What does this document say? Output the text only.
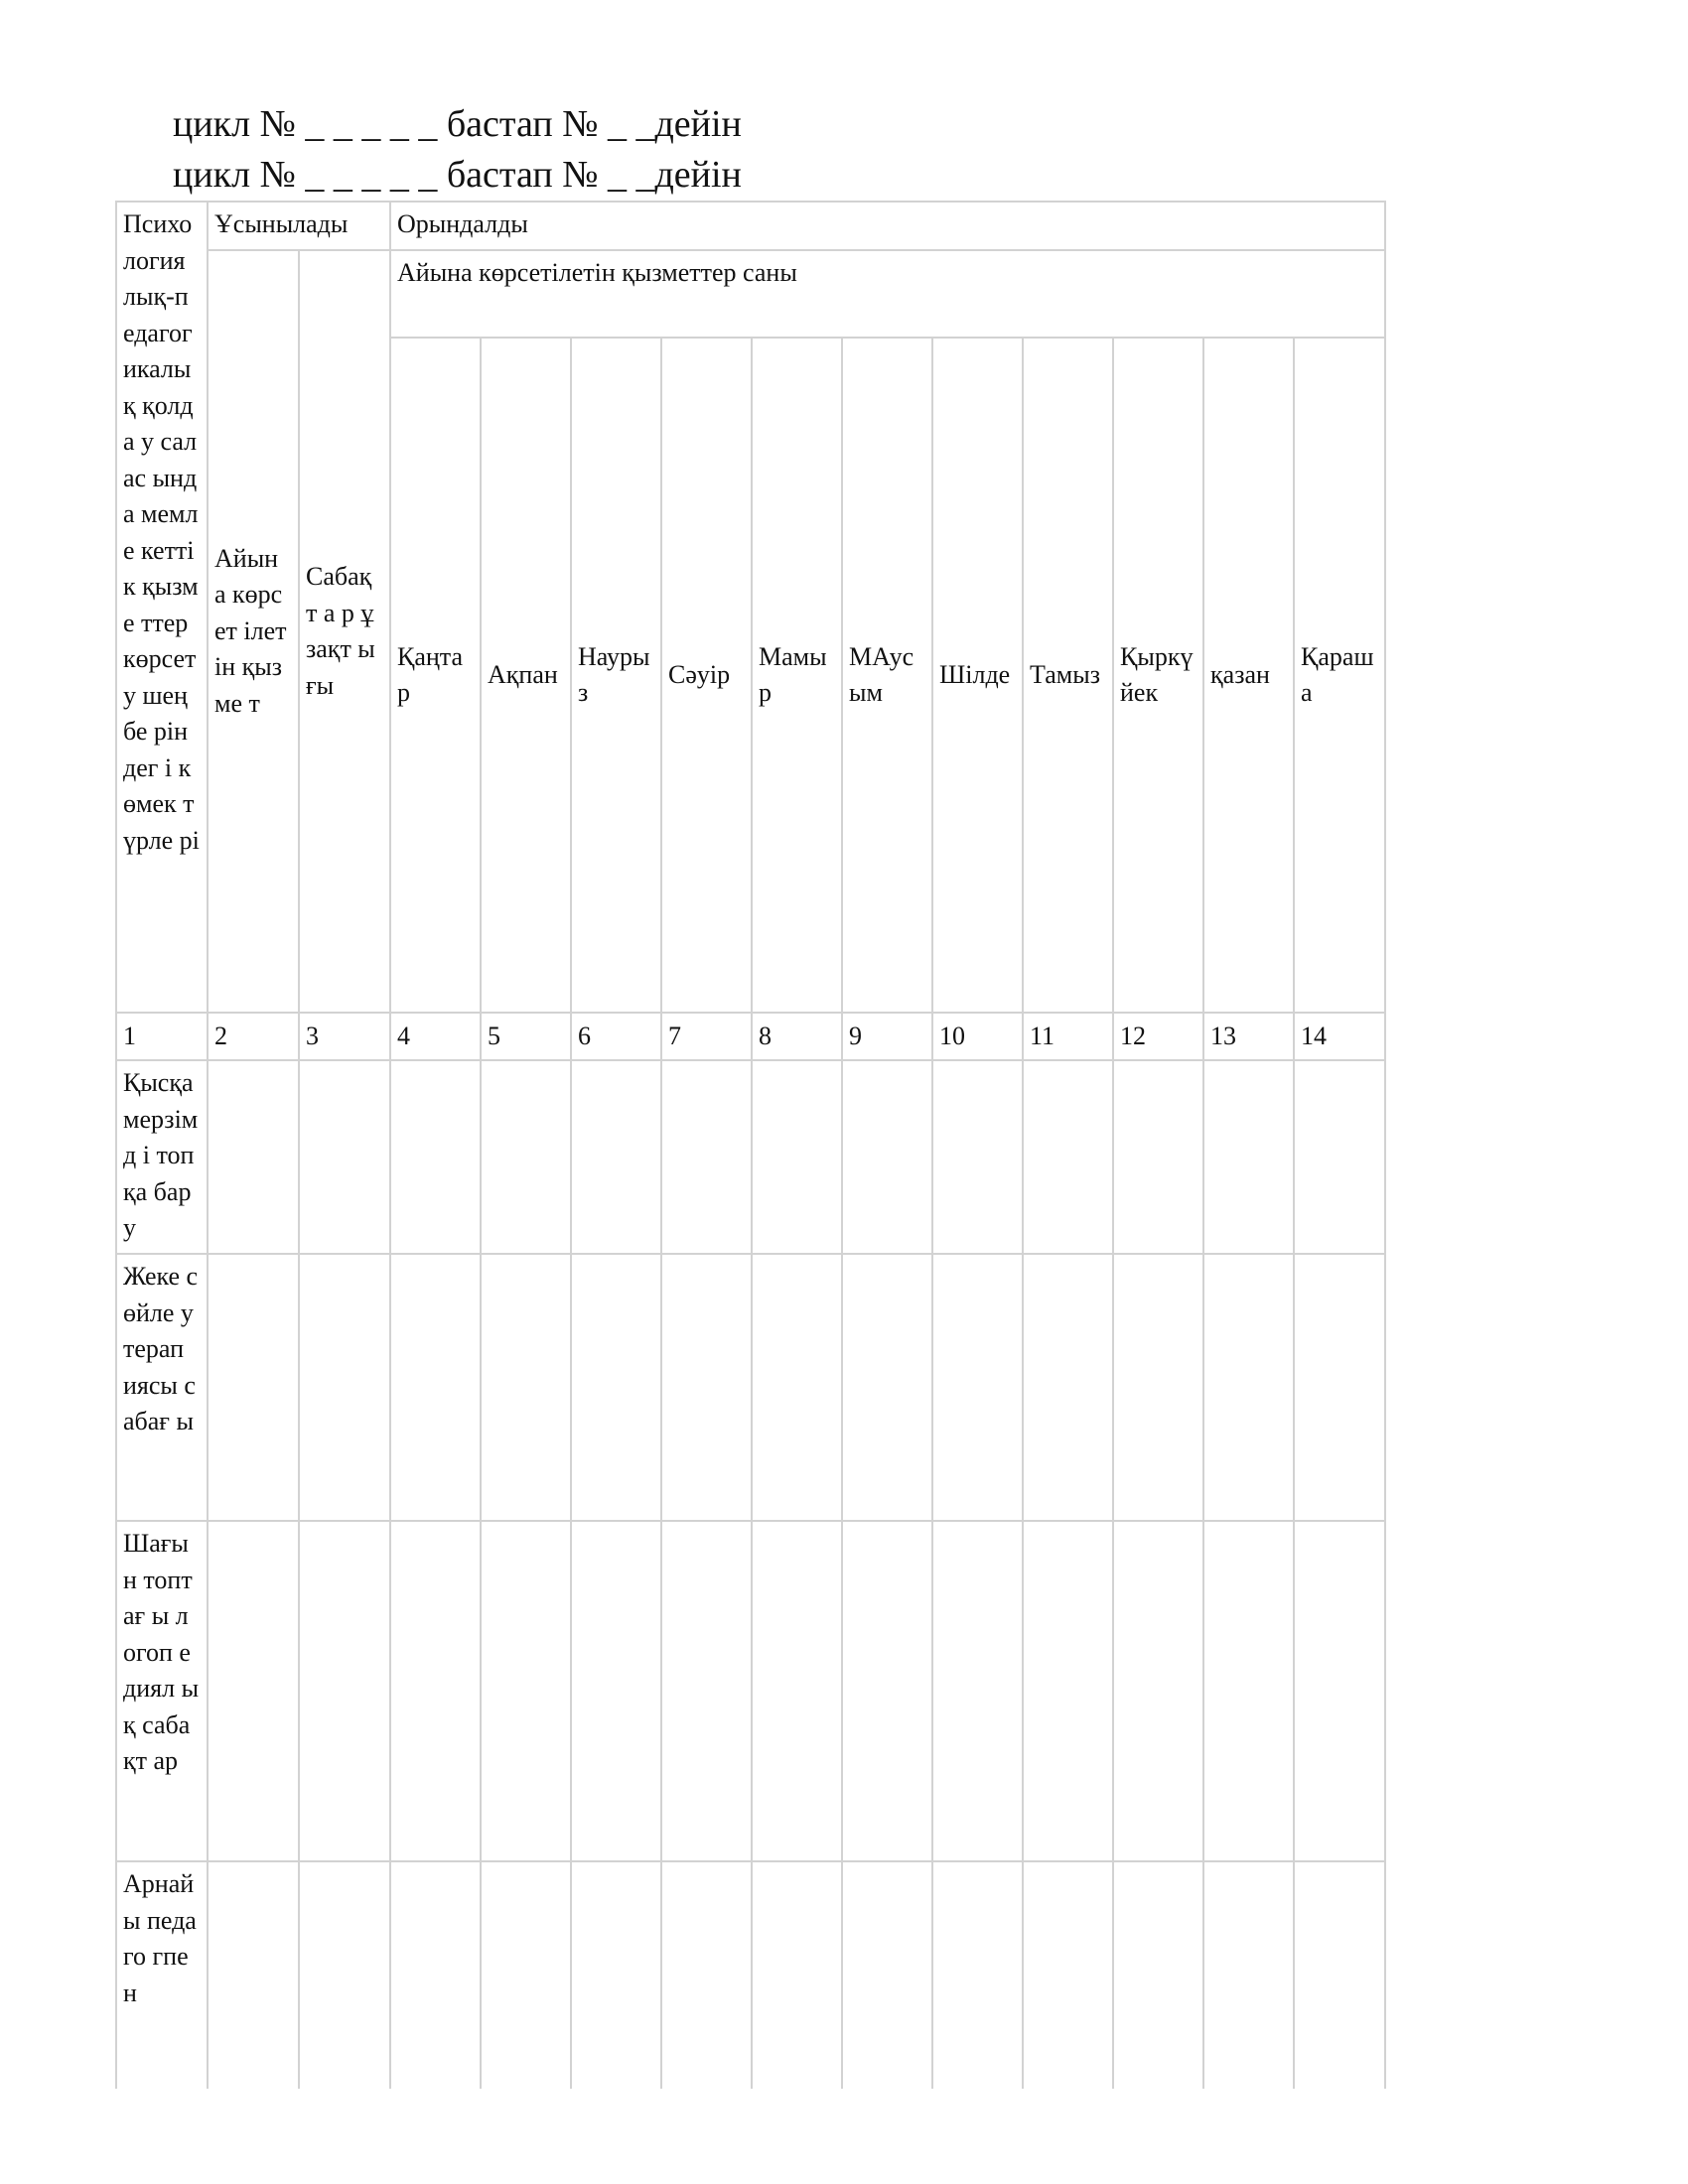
цикл № _ _ _ _ _ бастап № _ _дейін
цикл № _ _ _ _ _ бастап № _ _дейін
Психо логия лық-п едагог икалы қ қолда у салас ында мемле кеттік қызме ттер көрсет у шеңбе ріндег і көмек түрле рі	Ұсынылады		Орындалды										
	Айын а көрсет ілетін қызме т	Сабақ т а р ұзақт ығы	Айына көрсетілетін қызметтер саны										
			Қаңта р	Ақпан	Науры з	Сәуір	Мамы р	МАус ым	Шілде	Тамыз	Қыркү йек	қазан	Қараш а
1	2	3	4	5	6	7	8	9	10	11	12	13	14
Қысқа мерзім д і топқа бару													
Жеке сөйле у терап иясы сабағ ы													
Шағы н топтағ ы логоп едиял ы қ сабақт ар													
Арнай ы педаго гпен													
